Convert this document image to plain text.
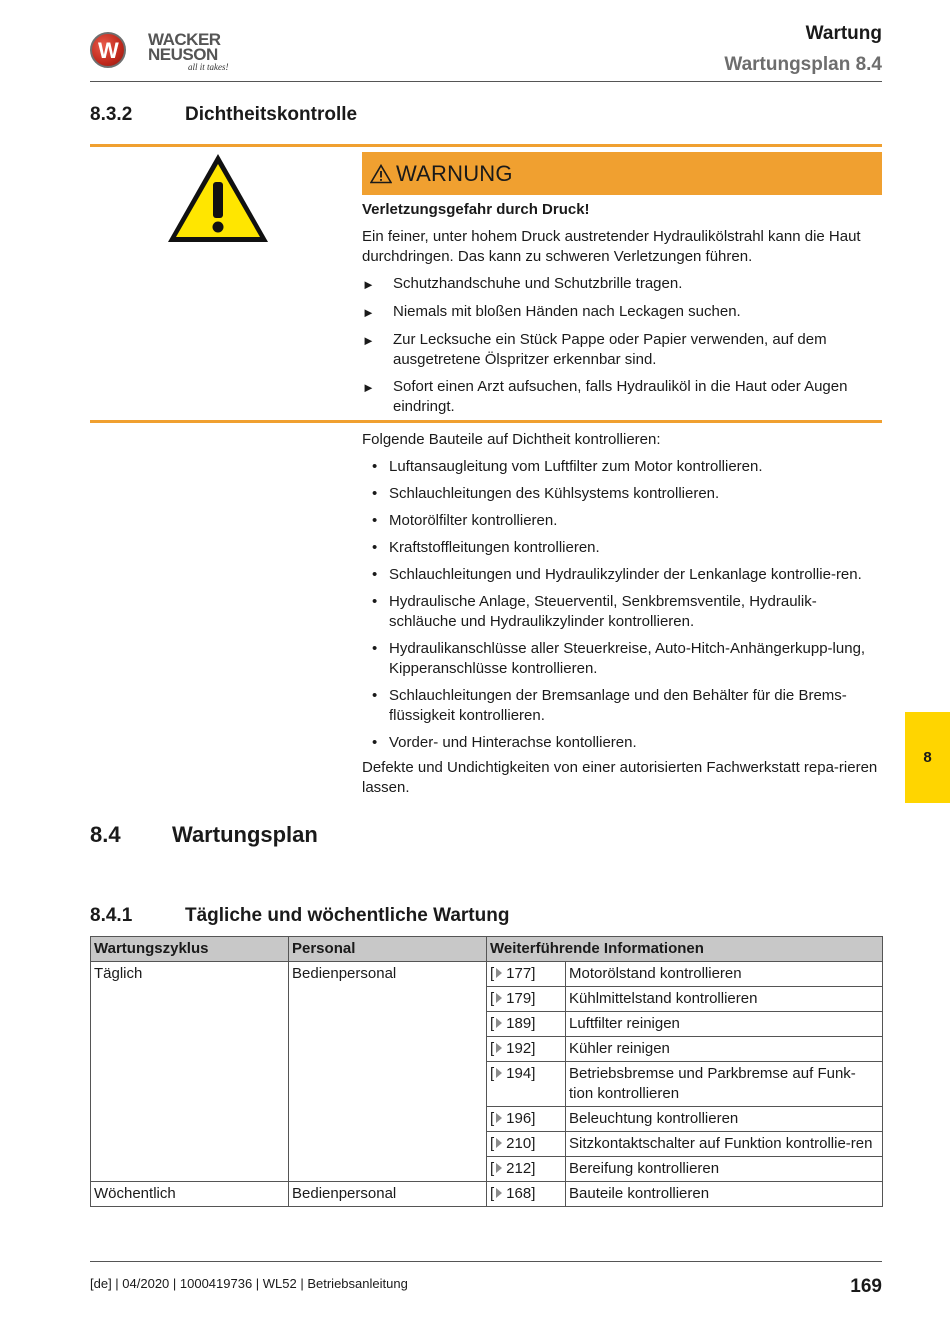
W WACKER
NEUSON
all it takes!
Wartung
Wartungsplan 8.4
8.3.2	Dichtheitskontrolle
WARNUNG
Verletzungsgefahr durch Druck!
Ein feiner, unter hohem Druck austretender Hydraulikölstrahl kann die Haut durchdringen. Das kann zu schweren Verletzungen führen.
►	Schutzhandschuhe und Schutzbrille tragen.
►	Niemals mit bloßen Händen nach Leckagen suchen.
►	Zur Lecksuche ein Stück Pappe oder Papier verwenden, auf dem ausgetretene Ölspritzer erkennbar sind.
►	Sofort einen Arzt aufsuchen, falls Hydrauliköl in die Haut oder Augen eindringt.
Folgende Bauteile auf Dichtheit kontrollieren:
• Luftansaugleitung vom Luftfilter zum Motor kontrollieren.
• Schlauchleitungen des Kühlsystems kontrollieren.
• Motorölfilter kontrollieren.
• Kraftstoffleitungen kontrollieren.
• Schlauchleitungen und Hydraulikzylinder der Lenkanlage kontrollie-ren.
• Hydraulische Anlage, Steuerventil, Senkbremsventile, Hydraulik-schläuche und Hydraulikzylinder kontrollieren.
• Hydraulikanschlüsse aller Steuerkreise, Auto-Hitch-Anhängerkupp-lung, Kipperanschlüsse kontrollieren.
• Schlauchleitungen der Bremsanlage und den Behälter für die Brems-flüssigkeit kontrollieren.
• Vorder- und Hinterachse kontollieren.
Defekte und Undichtigkeiten von einer autorisierten Fachwerkstatt repa-rieren lassen.
8.4 Wartungsplan
8.4.1	Tägliche und wöchentliche Wartung
Wartungszyklus	Personal	Weiterführende Informationen	
Täglich	Bedienpersonal	[ 177]	Motorölstand kontrollieren
		[ 179]	Kühlmittelstand kontrollieren
		[ 189]	Luftfilter reinigen
		[ 192]	Kühler reinigen
		[ 194]	Betriebsbremse und Parkbremse auf Funk-tion kontrollieren
		[ 196]	Beleuchtung kontrollieren
		[ 210]	Sitzkontaktschalter auf Funktion kontrollie-ren
		[ 212]	Bereifung kontrollieren
Wöchentlich	Bedienpersonal	[ 168]	Bauteile kontrollieren
[de] | 04/2020 | 1000419736 | WL52 | Betriebsanleitung	169
8
